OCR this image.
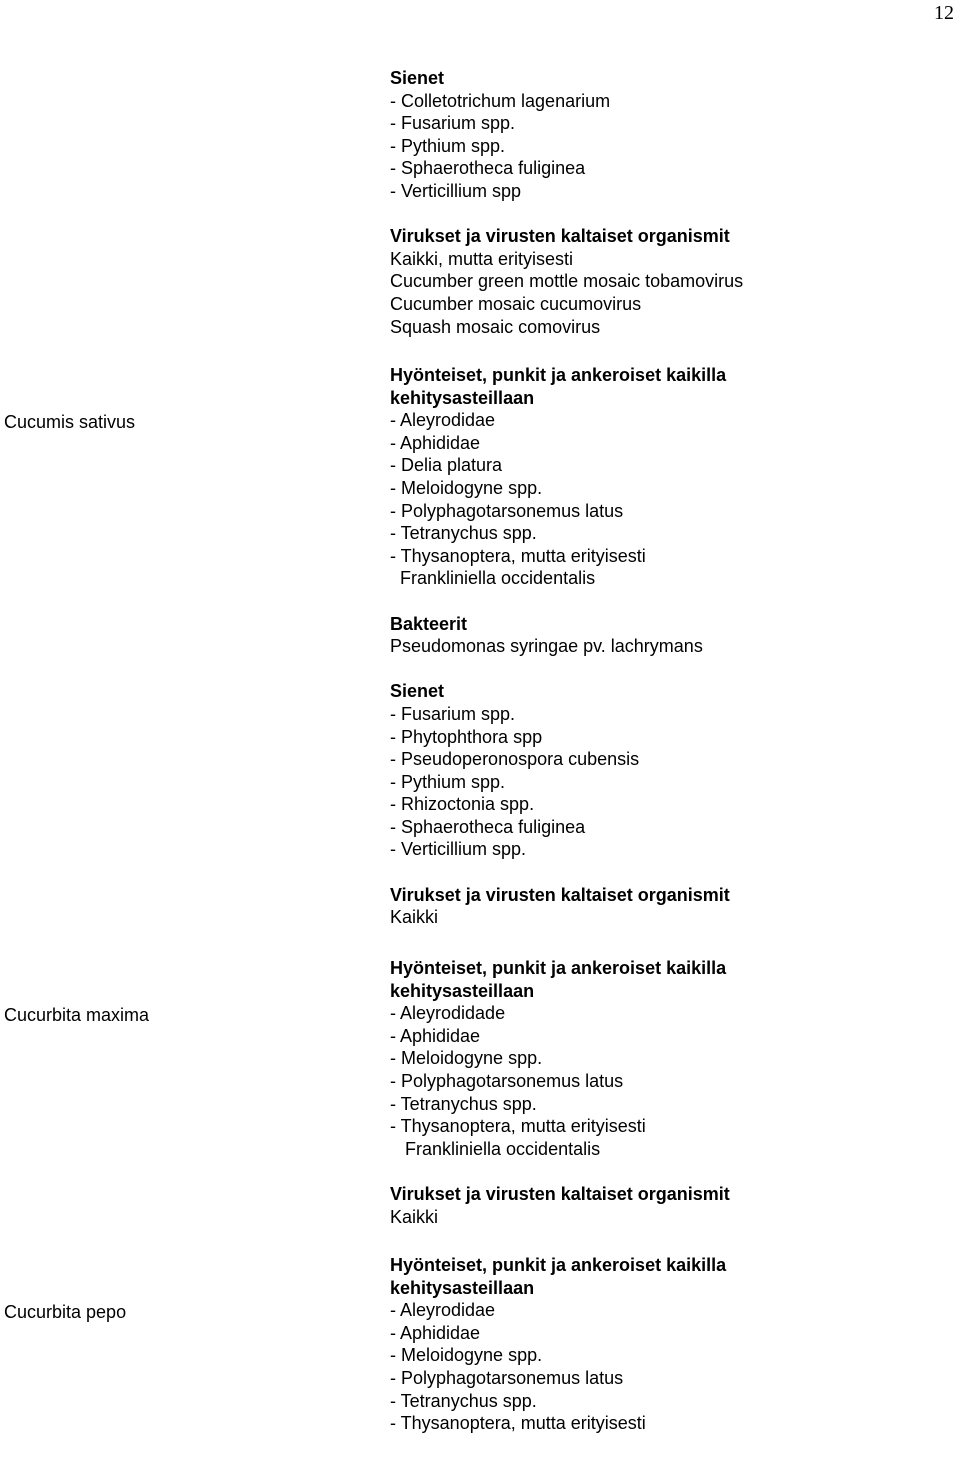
12
Sienet
- Colletotrichum lagenarium
- Fusarium spp.
- Pythium spp.
- Sphaerotheca fuliginea
- Verticillium spp
Virukset ja virusten kaltaiset organismit
Kaikki, mutta erityisesti
Cucumber green mottle mosaic tobamovirus
Cucumber mosaic cucumovirus
Squash mosaic comovirus
Cucumis sativus
Hyönteiset, punkit ja ankeroiset kaikilla
kehitysasteillaan
- Aleyrodidae
- Aphididae
- Delia platura
- Meloidogyne spp.
- Polyphagotarsonemus latus
- Tetranychus spp.
- Thysanoptera, mutta erityisesti
Frankliniella occidentalis
Bakteerit
Pseudomonas syringae pv. lachrymans
Sienet
- Fusarium spp.
- Phytophthora spp
- Pseudoperonospora cubensis
- Pythium spp.
- Rhizoctonia spp.
- Sphaerotheca fuliginea
- Verticillium spp.
Virukset ja virusten kaltaiset organismit
Kaikki
Cucurbita maxima
Hyönteiset, punkit ja ankeroiset kaikilla
kehitysasteillaan
- Aleyrodidade
- Aphididae
- Meloidogyne spp.
- Polyphagotarsonemus latus
- Tetranychus spp.
- Thysanoptera, mutta erityisesti
Frankliniella occidentalis
Virukset ja virusten kaltaiset organismit
Kaikki
Cucurbita pepo
Hyönteiset, punkit ja ankeroiset kaikilla
kehitysasteillaan
- Aleyrodidae
- Aphididae
- Meloidogyne spp.
- Polyphagotarsonemus latus
- Tetranychus spp.
- Thysanoptera, mutta erityisesti
